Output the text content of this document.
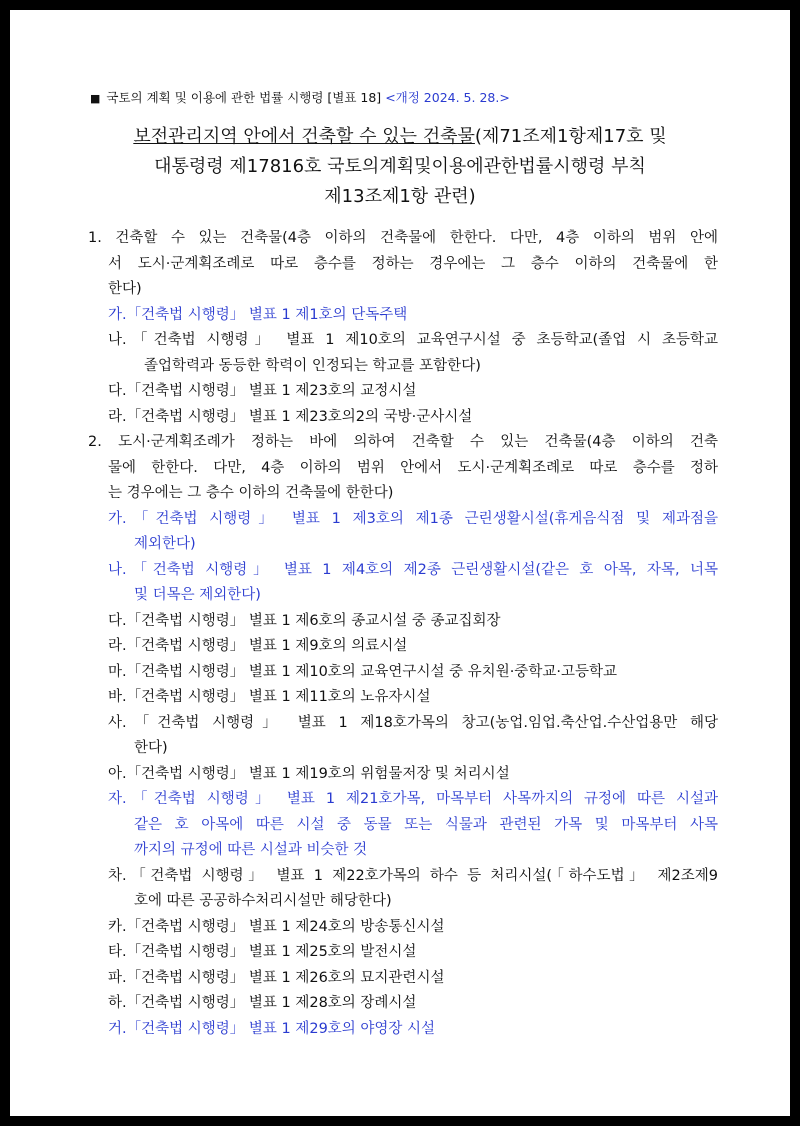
■ 국토의 계획 및 이용에 관한 법률 시행령 [별표 18] <개정 2024. 5. 28.>
보전관리지역 안에서 건축할 수 있는 건축물(제71조제1항제17호 및
대통령령 제17816호 국토의계획및이용에관한법률시행령 부칙
제13조제1항 관련)
1. 건축할 수 있는 건축물(4층 이하의 건축물에 한한다. 다만, 4층 이하의 범위 안에
서 도시·군계획조례로 따로 층수를 정하는 경우에는 그 층수 이하의 건축물에 한
한다)
가.「건축법 시행령」 별표 1 제1호의 단독주택
나.「건축법 시행령」 별표 1 제10호의 교육연구시설 중 초등학교(졸업 시 초등학교
졸업학력과 동등한 학력이 인정되는 학교를 포함한다)
다.「건축법 시행령」 별표 1 제23호의 교정시설
라.「건축법 시행령」 별표 1 제23호의2의 국방·군사시설
2. 도시·군계획조례가 정하는 바에 의하여 건축할 수 있는 건축물(4층 이하의 건축
물에 한한다. 다만, 4층 이하의 범위 안에서 도시·군계획조례로 따로 층수를 정하
는 경우에는 그 층수 이하의 건축물에 한한다)
가.「건축법 시행령」 별표 1 제3호의 제1종 근린생활시설(휴게음식점 및 제과점을
제외한다)
나.「건축법 시행령」 별표 1 제4호의 제2종 근린생활시설(같은 호 아목, 자목, 너목
및 더목은 제외한다)
다.「건축법 시행령」 별표 1 제6호의 종교시설 중 종교집회장
라.「건축법 시행령」 별표 1 제9호의 의료시설
마.「건축법 시행령」 별표 1 제10호의 교육연구시설 중 유치원·중학교·고등학교
바.「건축법 시행령」 별표 1 제11호의 노유자시설
사.「건축법 시행령」 별표 1 제18호가목의 창고(농업.임업.축산업.수산업용만 해당
한다)
아.「건축법 시행령」 별표 1 제19호의 위험물저장 및 처리시설
자.「건축법 시행령」 별표 1 제21호가목, 마목부터 사목까지의 규정에 따른 시설과
같은 호 아목에 따른 시설 중 동물 또는 식물과 관련된 가목 및 마목부터 사목
까지의 규정에 따른 시설과 비슷한 것
차.「건축법 시행령」 별표 1 제22호가목의 하수 등 처리시설(「하수도법」 제2조제9
호에 따른 공공하수처리시설만 해당한다)
카.「건축법 시행령」 별표 1 제24호의 방송통신시설
타.「건축법 시행령」 별표 1 제25호의 발전시설
파.「건축법 시행령」 별표 1 제26호의 묘지관련시설
하.「건축법 시행령」 별표 1 제28호의 장례시설
거.「건축법 시행령」 별표 1 제29호의 야영장 시설
